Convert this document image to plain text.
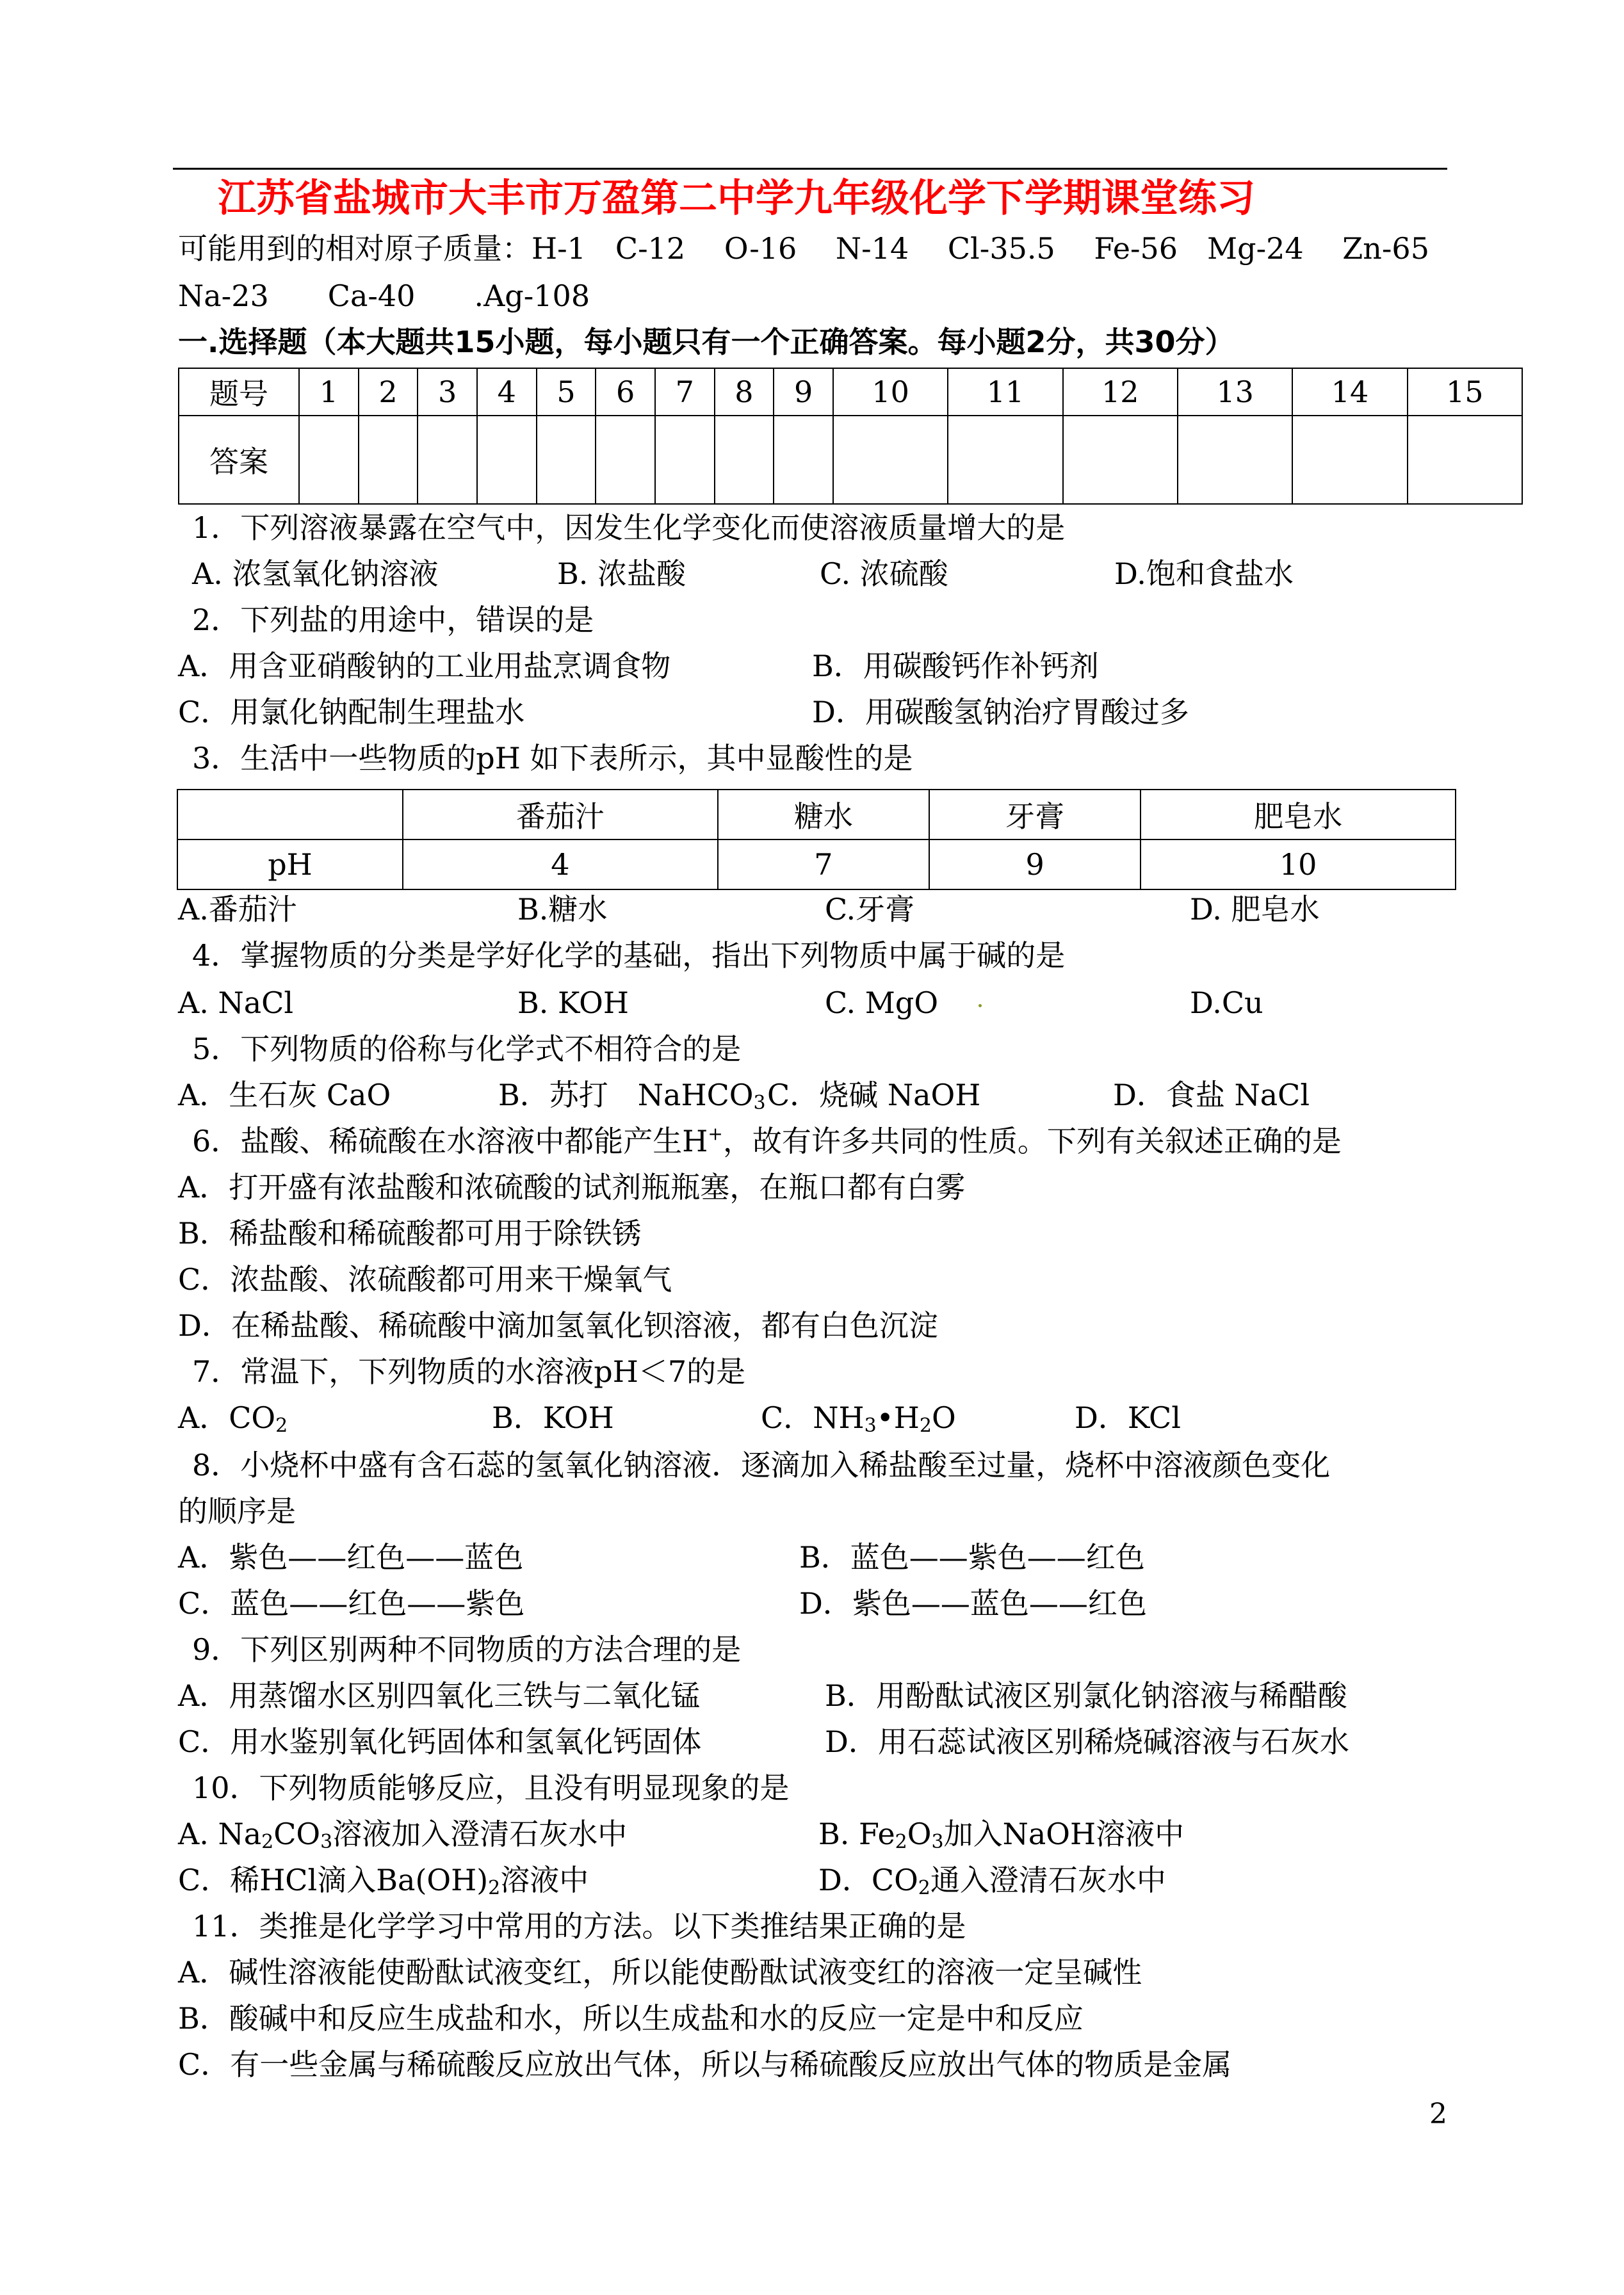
江苏省盐城市大丰市万盈第二中学九年级化学下学期课堂练习
可能用到的相对原子质量：H-1　C-12　 O-16　 N-14　 Cl-35.5　 Fe-56　Mg-24　 Zn-65
Na-23　　Ca-40　　.Ag-108
一.选择题（本大题共15小题，每小题只有一个正确答案。每小题2分，共30分）
题号	1	2	3	4	5	6	7	8	9	10	11	12	13	14	15
答案															
1．下列溶液暴露在空气中，因发生化学变化而使溶液质量增大的是
A. 浓氢氧化钠溶液	B. 浓盐酸	C. 浓硫酸	D.饱和食盐水
2．下列盐的用途中，错误的是
A．用含亚硝酸钠的工业用盐烹调食物	B．用碳酸钙作补钙剂
C．用氯化钠配制生理盐水	D．用碳酸氢钠治疗胃酸过多
3．生活中一些物质的pH 如下表所示，其中显酸性的是
	番茄汁	糖水	牙膏	肥皂水
pH	4	7	9	10
A.番茄汁	B.糖水	C.牙膏	D. 肥皂水
4．掌握物质的分类是学好化学的基础，指出下列物质中属于碱的是
A. NaCl	B. KOH	C. MgO	D.Cu
5．下列物质的俗称与化学式不相符合的是
A．生石灰 CaO	B．苏打　NaHCO$_3$C．烧碱 NaOH	D．食盐 NaCl
6．盐酸、稀硫酸在水溶液中都能产生H+，故有许多共同的性质。下列有关叙述正确的是
A．打开盛有浓盐酸和浓硫酸的试剂瓶瓶塞，在瓶口都有白雾
B．稀盐酸和稀硫酸都可用于除铁锈
C．浓盐酸、浓硫酸都可用来干燥氧气
D．在稀盐酸、稀硫酸中滴加氢氧化钡溶液，都有白色沉淀
7．常温下，下列物质的水溶液pH＜7的是
A．$CO_2$	B．KOH	C．$NH_3•H_2O$	D．KCl
8．小烧杯中盛有含石蕊的氢氧化钠溶液．逐滴加入稀盐酸至过量，烧杯中溶液颜色变化
的顺序是
A．紫色——红色——蓝色	B．蓝色——紫色——红色
C．蓝色——红色——紫色	D．紫色——蓝色——红色
9．下列区别两种不同物质的方法合理的是
A．用蒸馏水区别四氧化三铁与二氧化锰	B．用酚酞试液区别氯化钠溶液与稀醋酸
C．用水鉴别氧化钙固体和氢氧化钙固体	D．用石蕊试液区别稀烧碱溶液与石灰水
10．下列物质能够反应，且没有明显现象的是
A. $Na_2CO_3$溶液加入澄清石灰水中	B. $Fe_2O_3$加入NaOH溶液中
C．稀HCl滴入$Ba(OH)_2$溶液中	D．$CO_2$通入澄清石灰水中
11．类推是化学学习中常用的方法。以下类推结果正确的是
A．碱性溶液能使酚酞试液变红，所以能使酚酞试液变红的溶液一定呈碱性
B．酸碱中和反应生成盐和水，所以生成盐和水的反应一定是中和反应
C．有一些金属与稀硫酸反应放出气体，所以与稀硫酸反应放出气体的物质是金属
2
